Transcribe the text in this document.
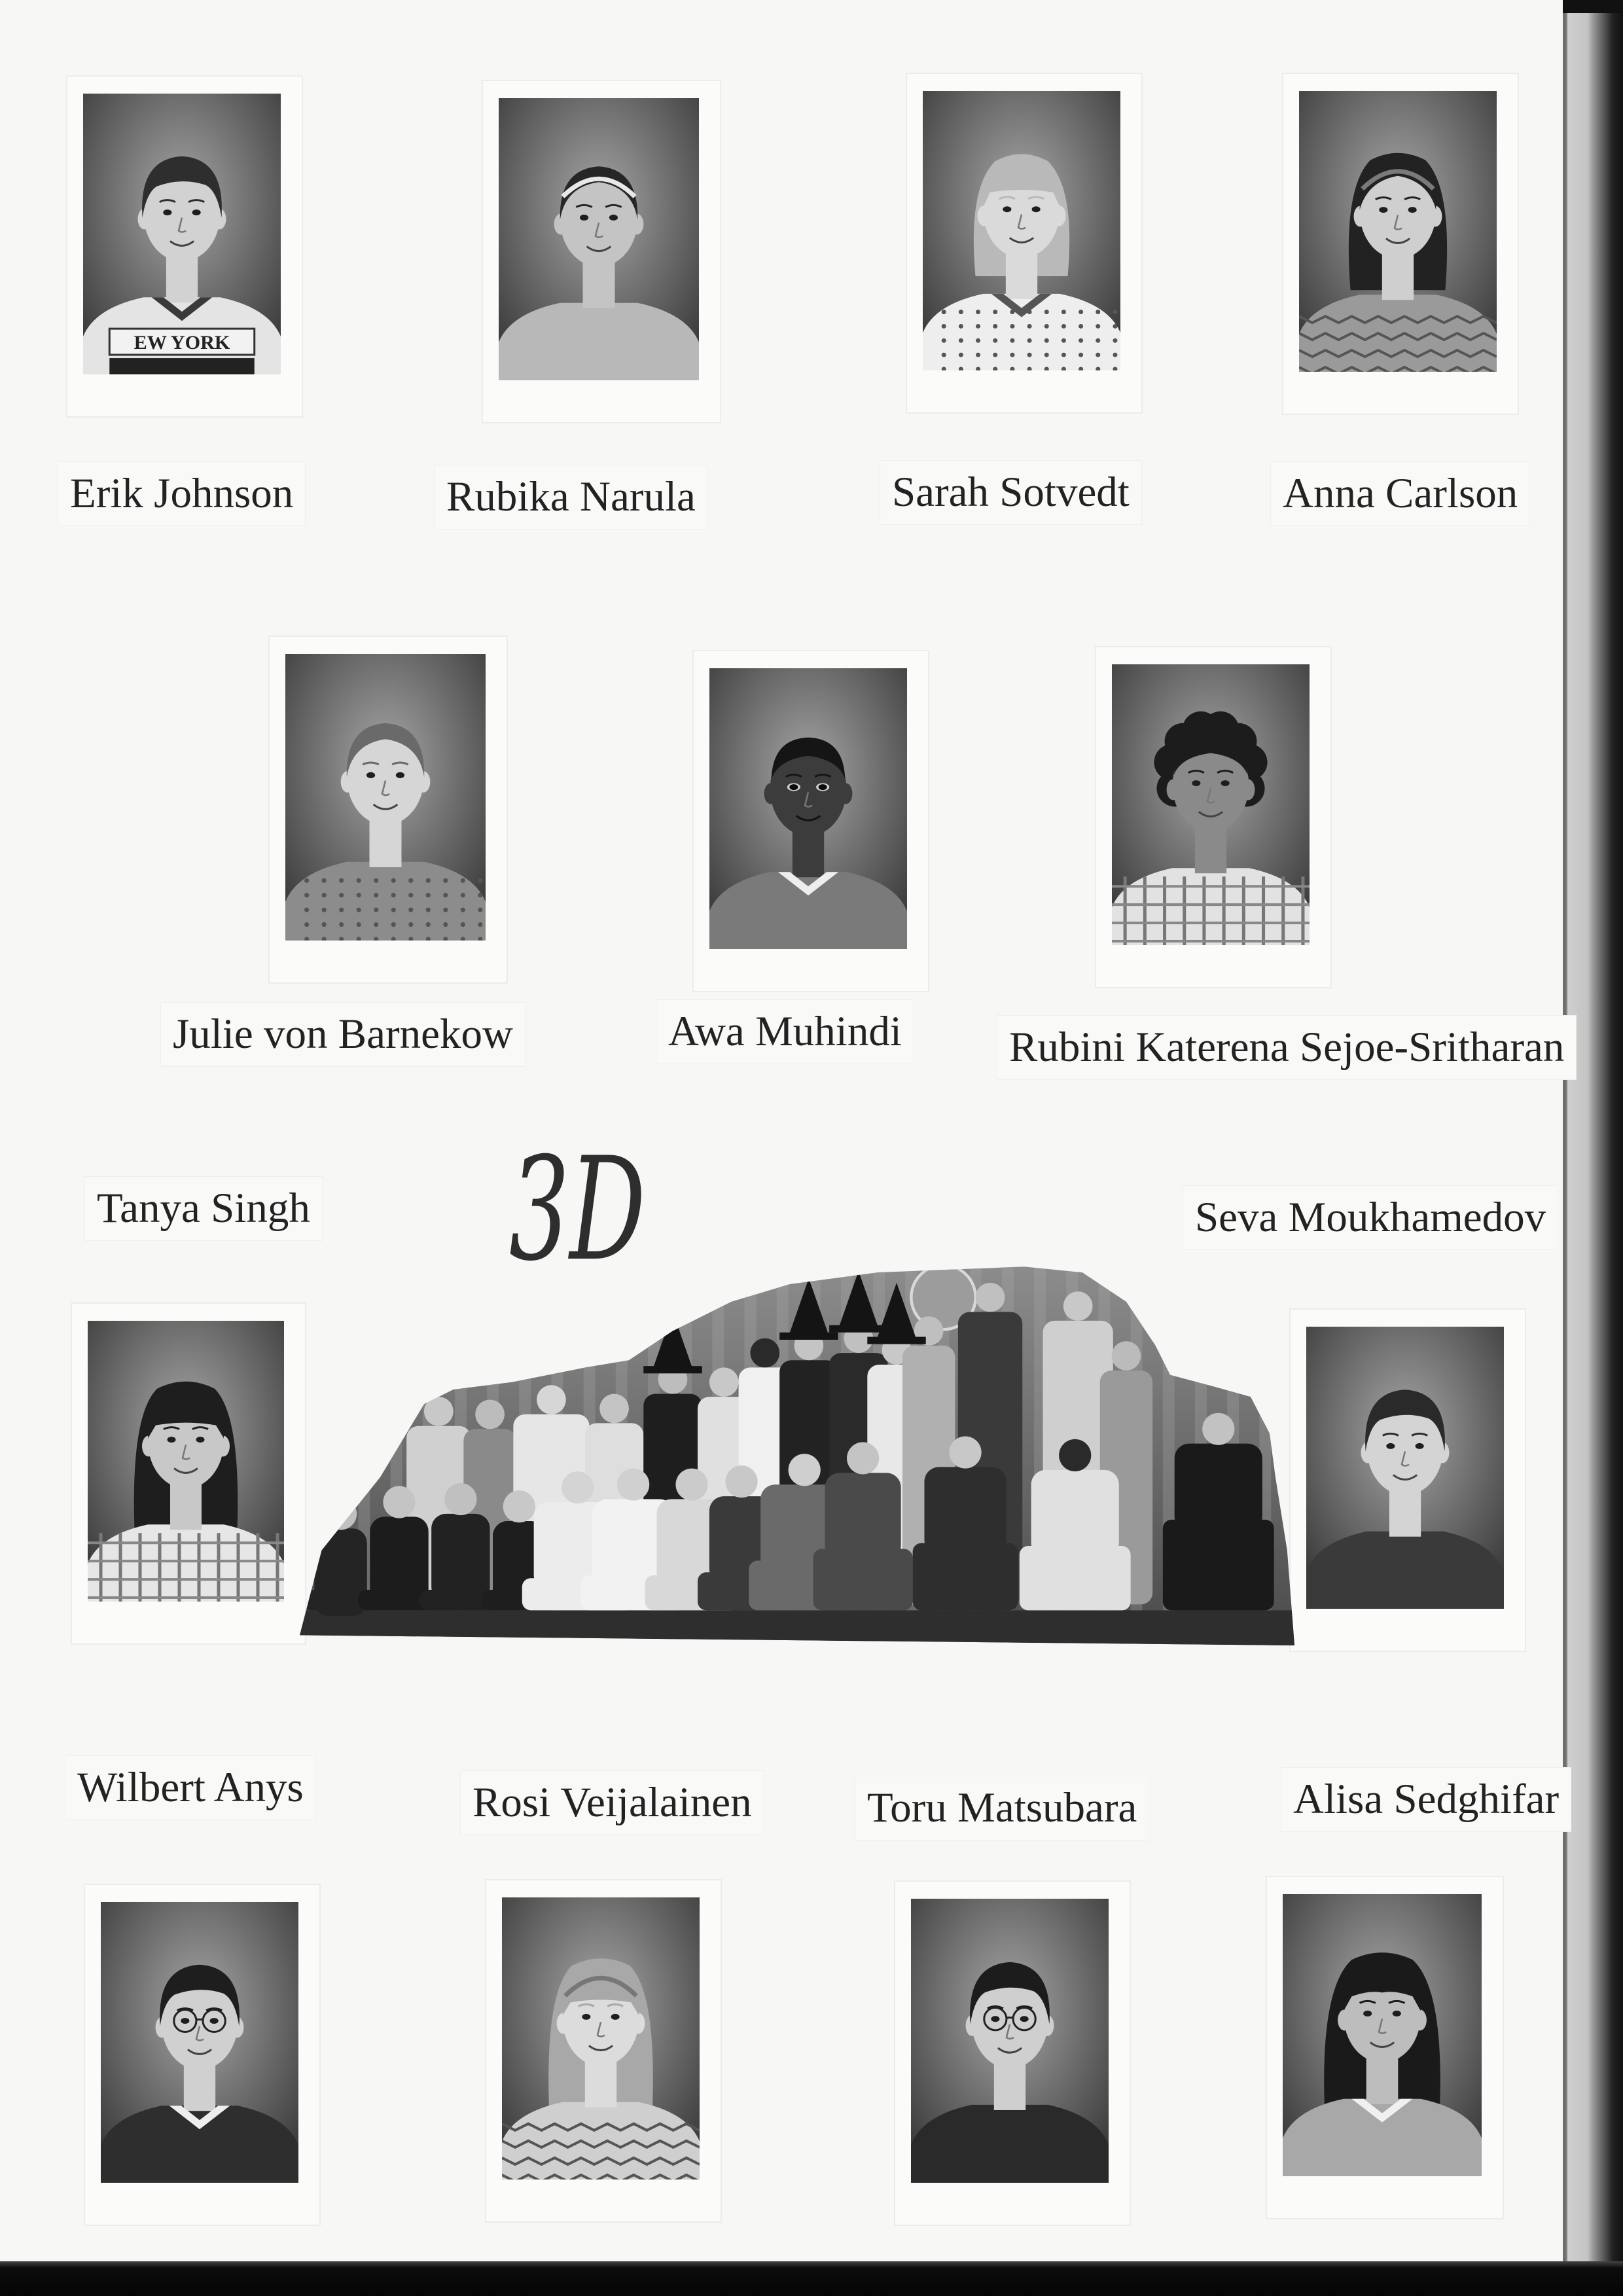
EW YORK
Erik Johnson	Rubika Narula	Sarah Sotvedt	Anna Carlson
Julie von Barnekow	Awa Muhindi	Rubini Katerena Sejoe-Sritharan
Tanya Singh 3D	Seva Moukhamedov
Wilbert Anys	Rosi Veijalainen	Toru Matsubara	Alisa Sedghifar
